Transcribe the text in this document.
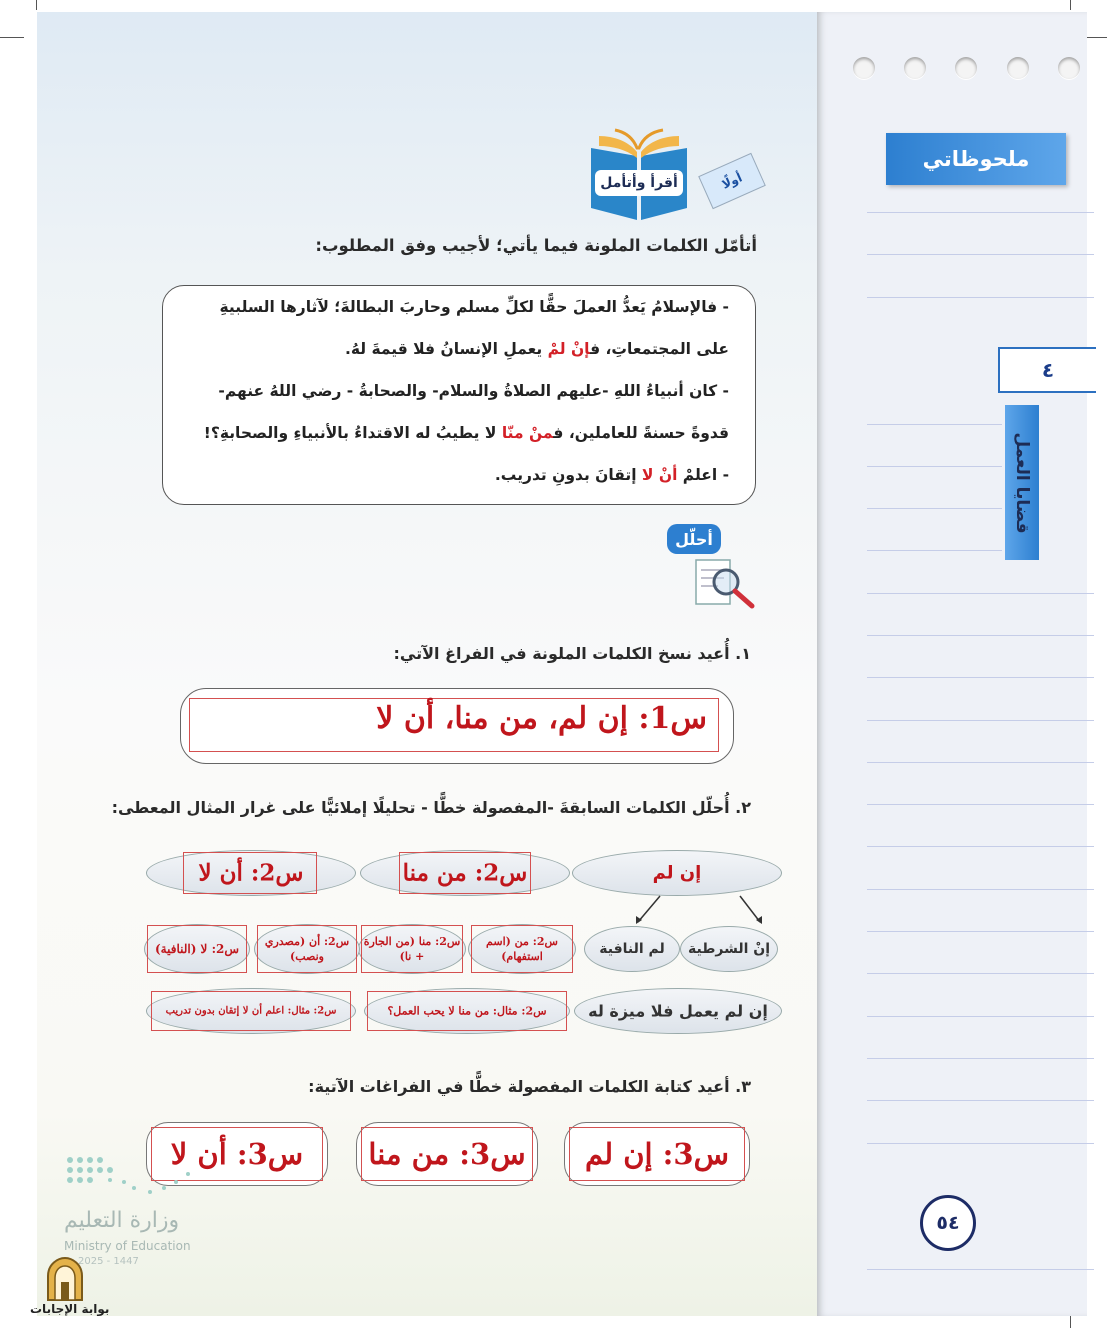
أقرأ وأتأمل	أولًا
أتأمّل الكلمات الملونة فيما يأتي؛ لأجيب وفق المطلوب:
- فالإسلامُ يَعدُّ العملَ حقًّا لكلِّ مسلم وحاربَ البطالةَ؛ لآثارها السلبيةِ
على المجتمعاتِ، فإنْ لمْ يعملِ الإنسانُ فلا قيمةَ لهُ.
- كان أنبياءُ اللهِ -عليهم الصلاةُ والسلام- والصحابةُ - رضي اللهُ عنهم-
قدوةً حسنةً للعاملين، فمنْ منّا لا يطيبُ له الاقتداءُ بالأنبياءِ والصحابةِ؟!
- اعلمْ أنْ لا إتقانَ بدونِ تدريب.
أحلّل
١. أُعيد نسخ الكلمات الملونة في الفراغ الآتي:
س1: إن لم، من منا، أن لا
٢. أُحلّل الكلمات السابقةَ -المفصولة خطًّا - تحليلًا إملائيًّا على غرار المثال المعطى:
إن لم
س2: من منا
س2: أن لا
إنْ الشرطية
لم النافية
س2: من (اسم استفهام)
س2: منا (من الجارة + نا)
س2: أن (مصدري ونصب)
س2: لا (النافية)
إن لم يعمل فلا ميزة له
س2: مثال: من منا لا يحب العمل؟
س2: مثال: اعلم أن لا إتقان بدون تدريب
٣. أعيد كتابة الكلمات المفصولة خطًّا في الفراغات الآتية:
س3: إن لم
س3: من منا
س3: أن لا
وزارة التعليم
Ministry of Education
2025 - 1447
بوابة الإجابات
ملحوظاتي
٤
قضايا العمل
٥٤
